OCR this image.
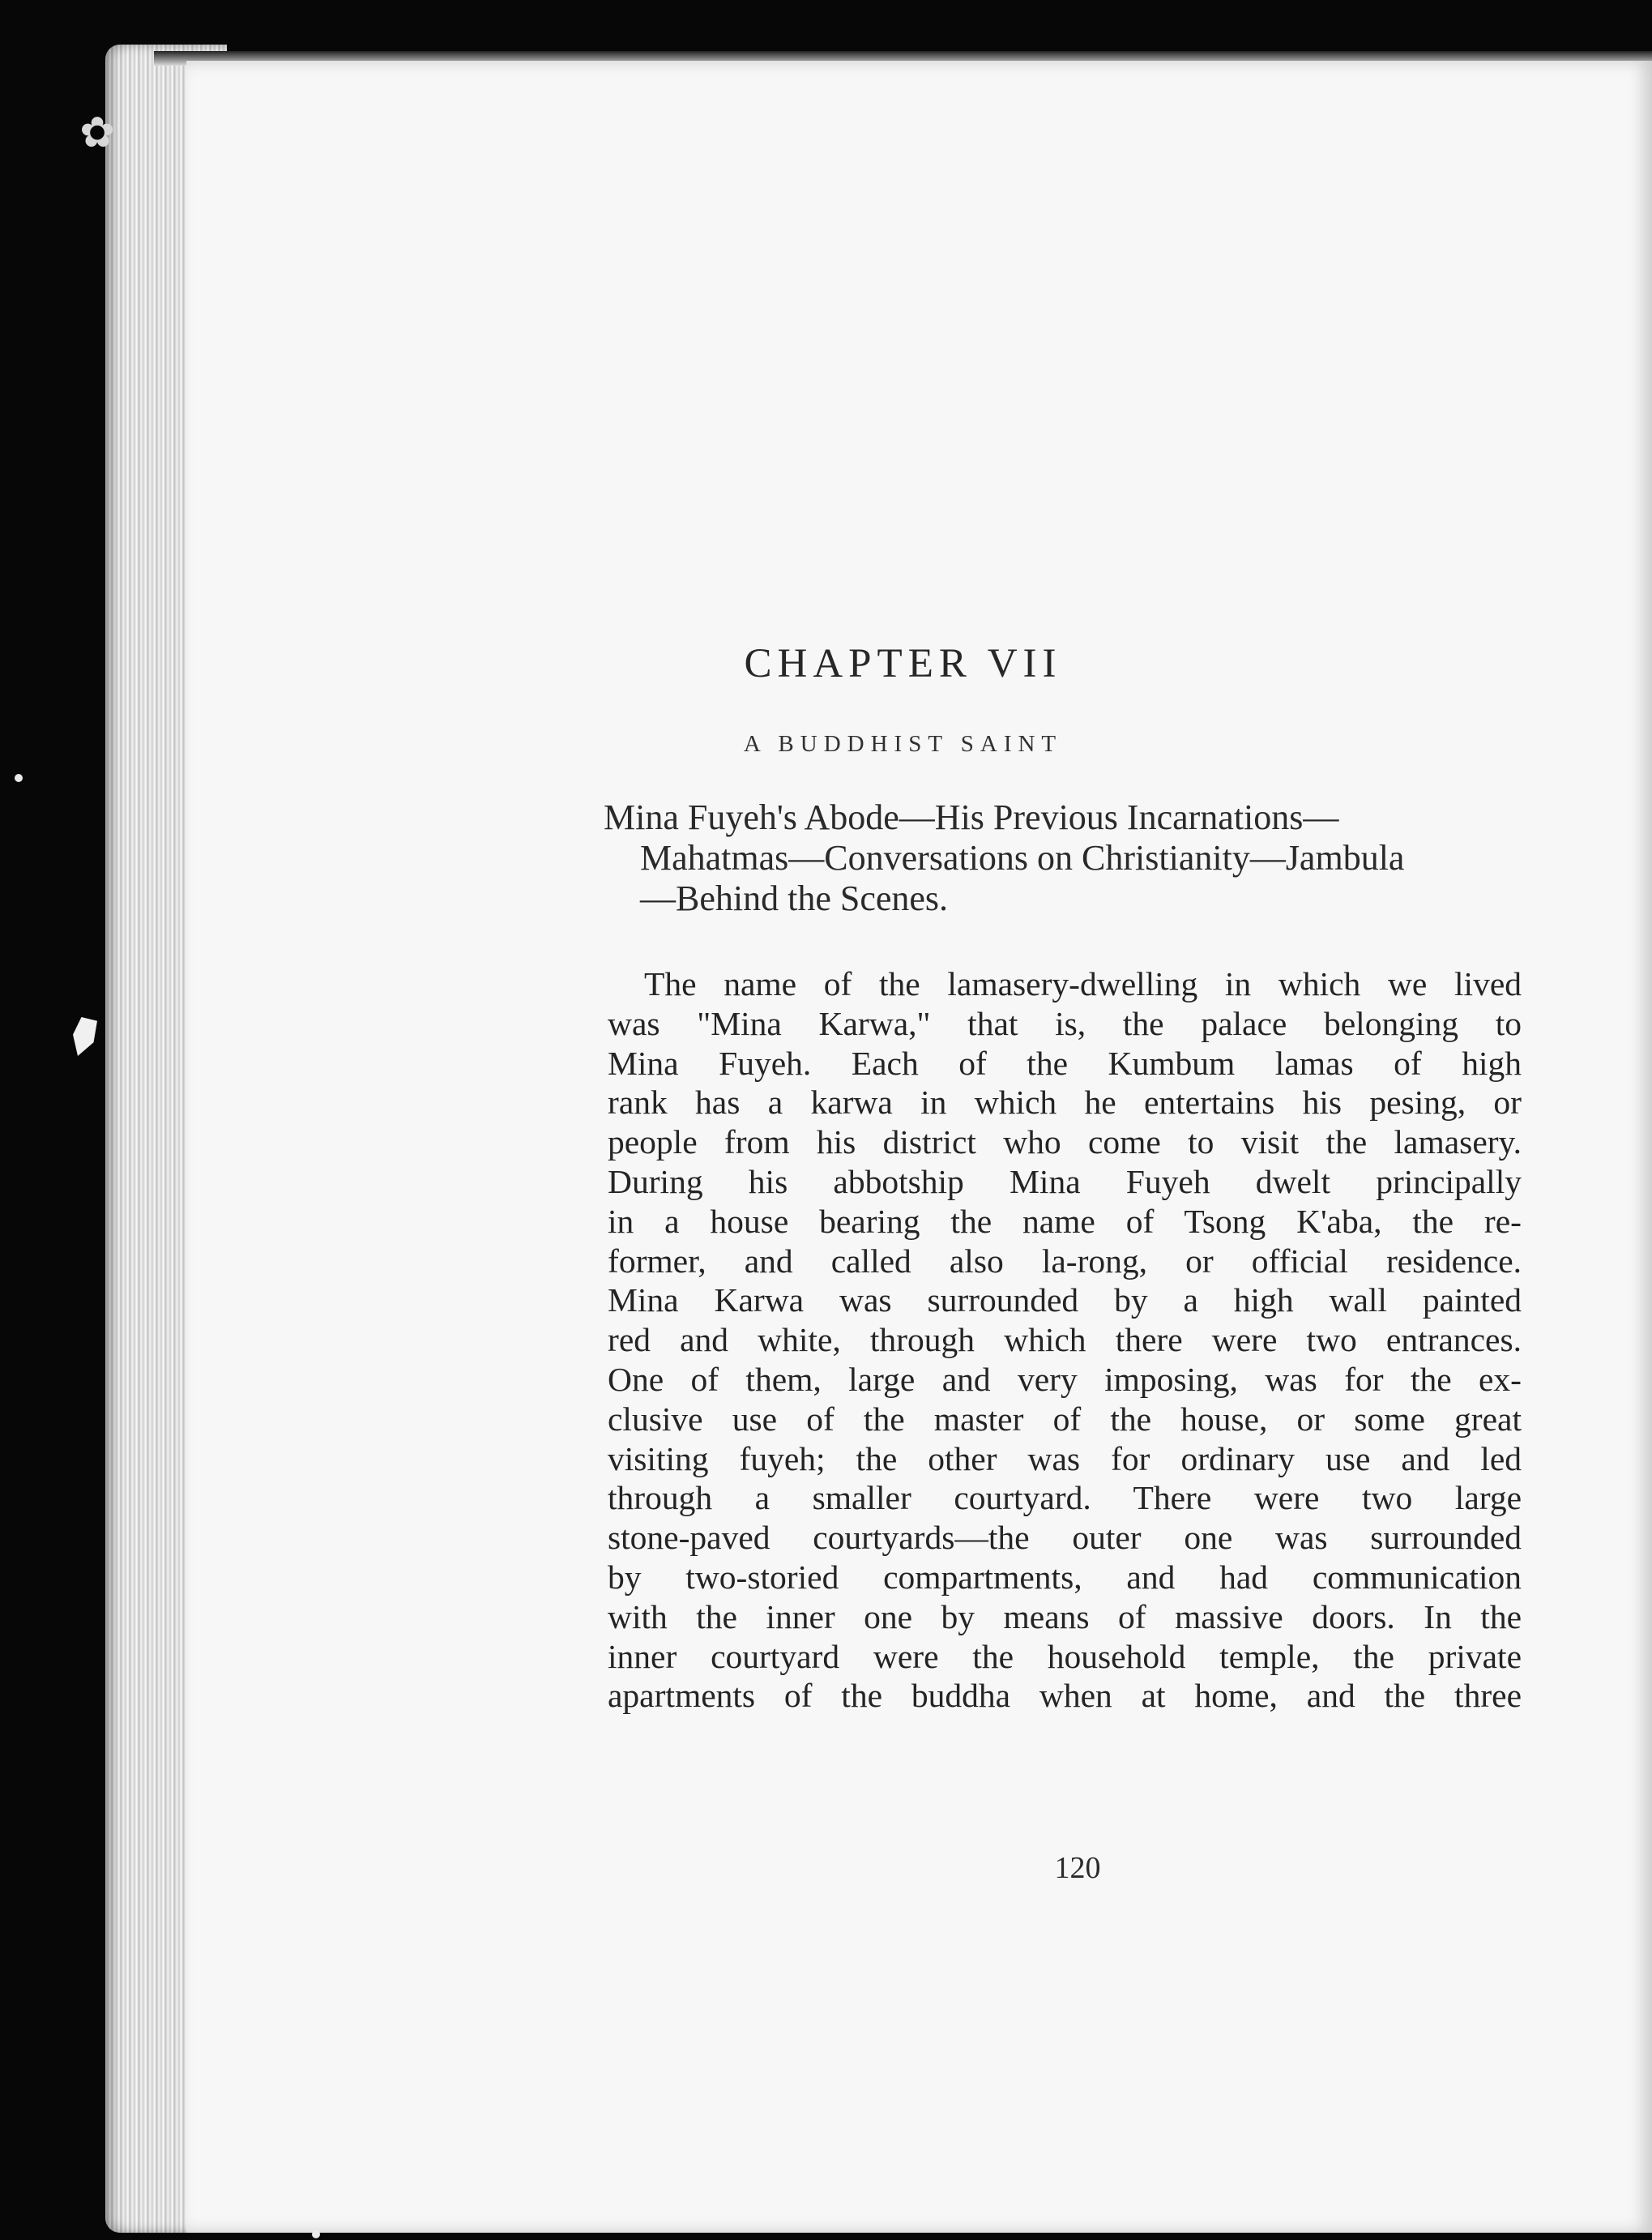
✿
CHAPTER VII
A BUDDHIST SAINT
Mina Fuyeh's Abode—His Previous Incarnations—
Mahatmas—Conversations on Christianity—Jambula
—Behind the Scenes.
The name of the lamasery-dwelling in which we lived
was "Mina Karwa," that is, the palace belonging to
Mina Fuyeh. Each of the Kumbum lamas of high
rank has a karwa in which he entertains his pesing, or
people from his district who come to visit the lamasery.
During his abbotship Mina Fuyeh dwelt principally
in a house bearing the name of Tsong K'aba, the re-
former, and called also la-rong, or official residence.
Mina Karwa was surrounded by a high wall painted
red and white, through which there were two entrances.
One of them, large and very imposing, was for the ex-
clusive use of the master of the house, or some great
visiting fuyeh; the other was for ordinary use and led
through a smaller courtyard. There were two large
stone-paved courtyards—the outer one was surrounded
by two-storied compartments, and had communication
with the inner one by means of massive doors. In the
inner courtyard were the household temple, the private
apartments of the buddha when at home, and the three
120
